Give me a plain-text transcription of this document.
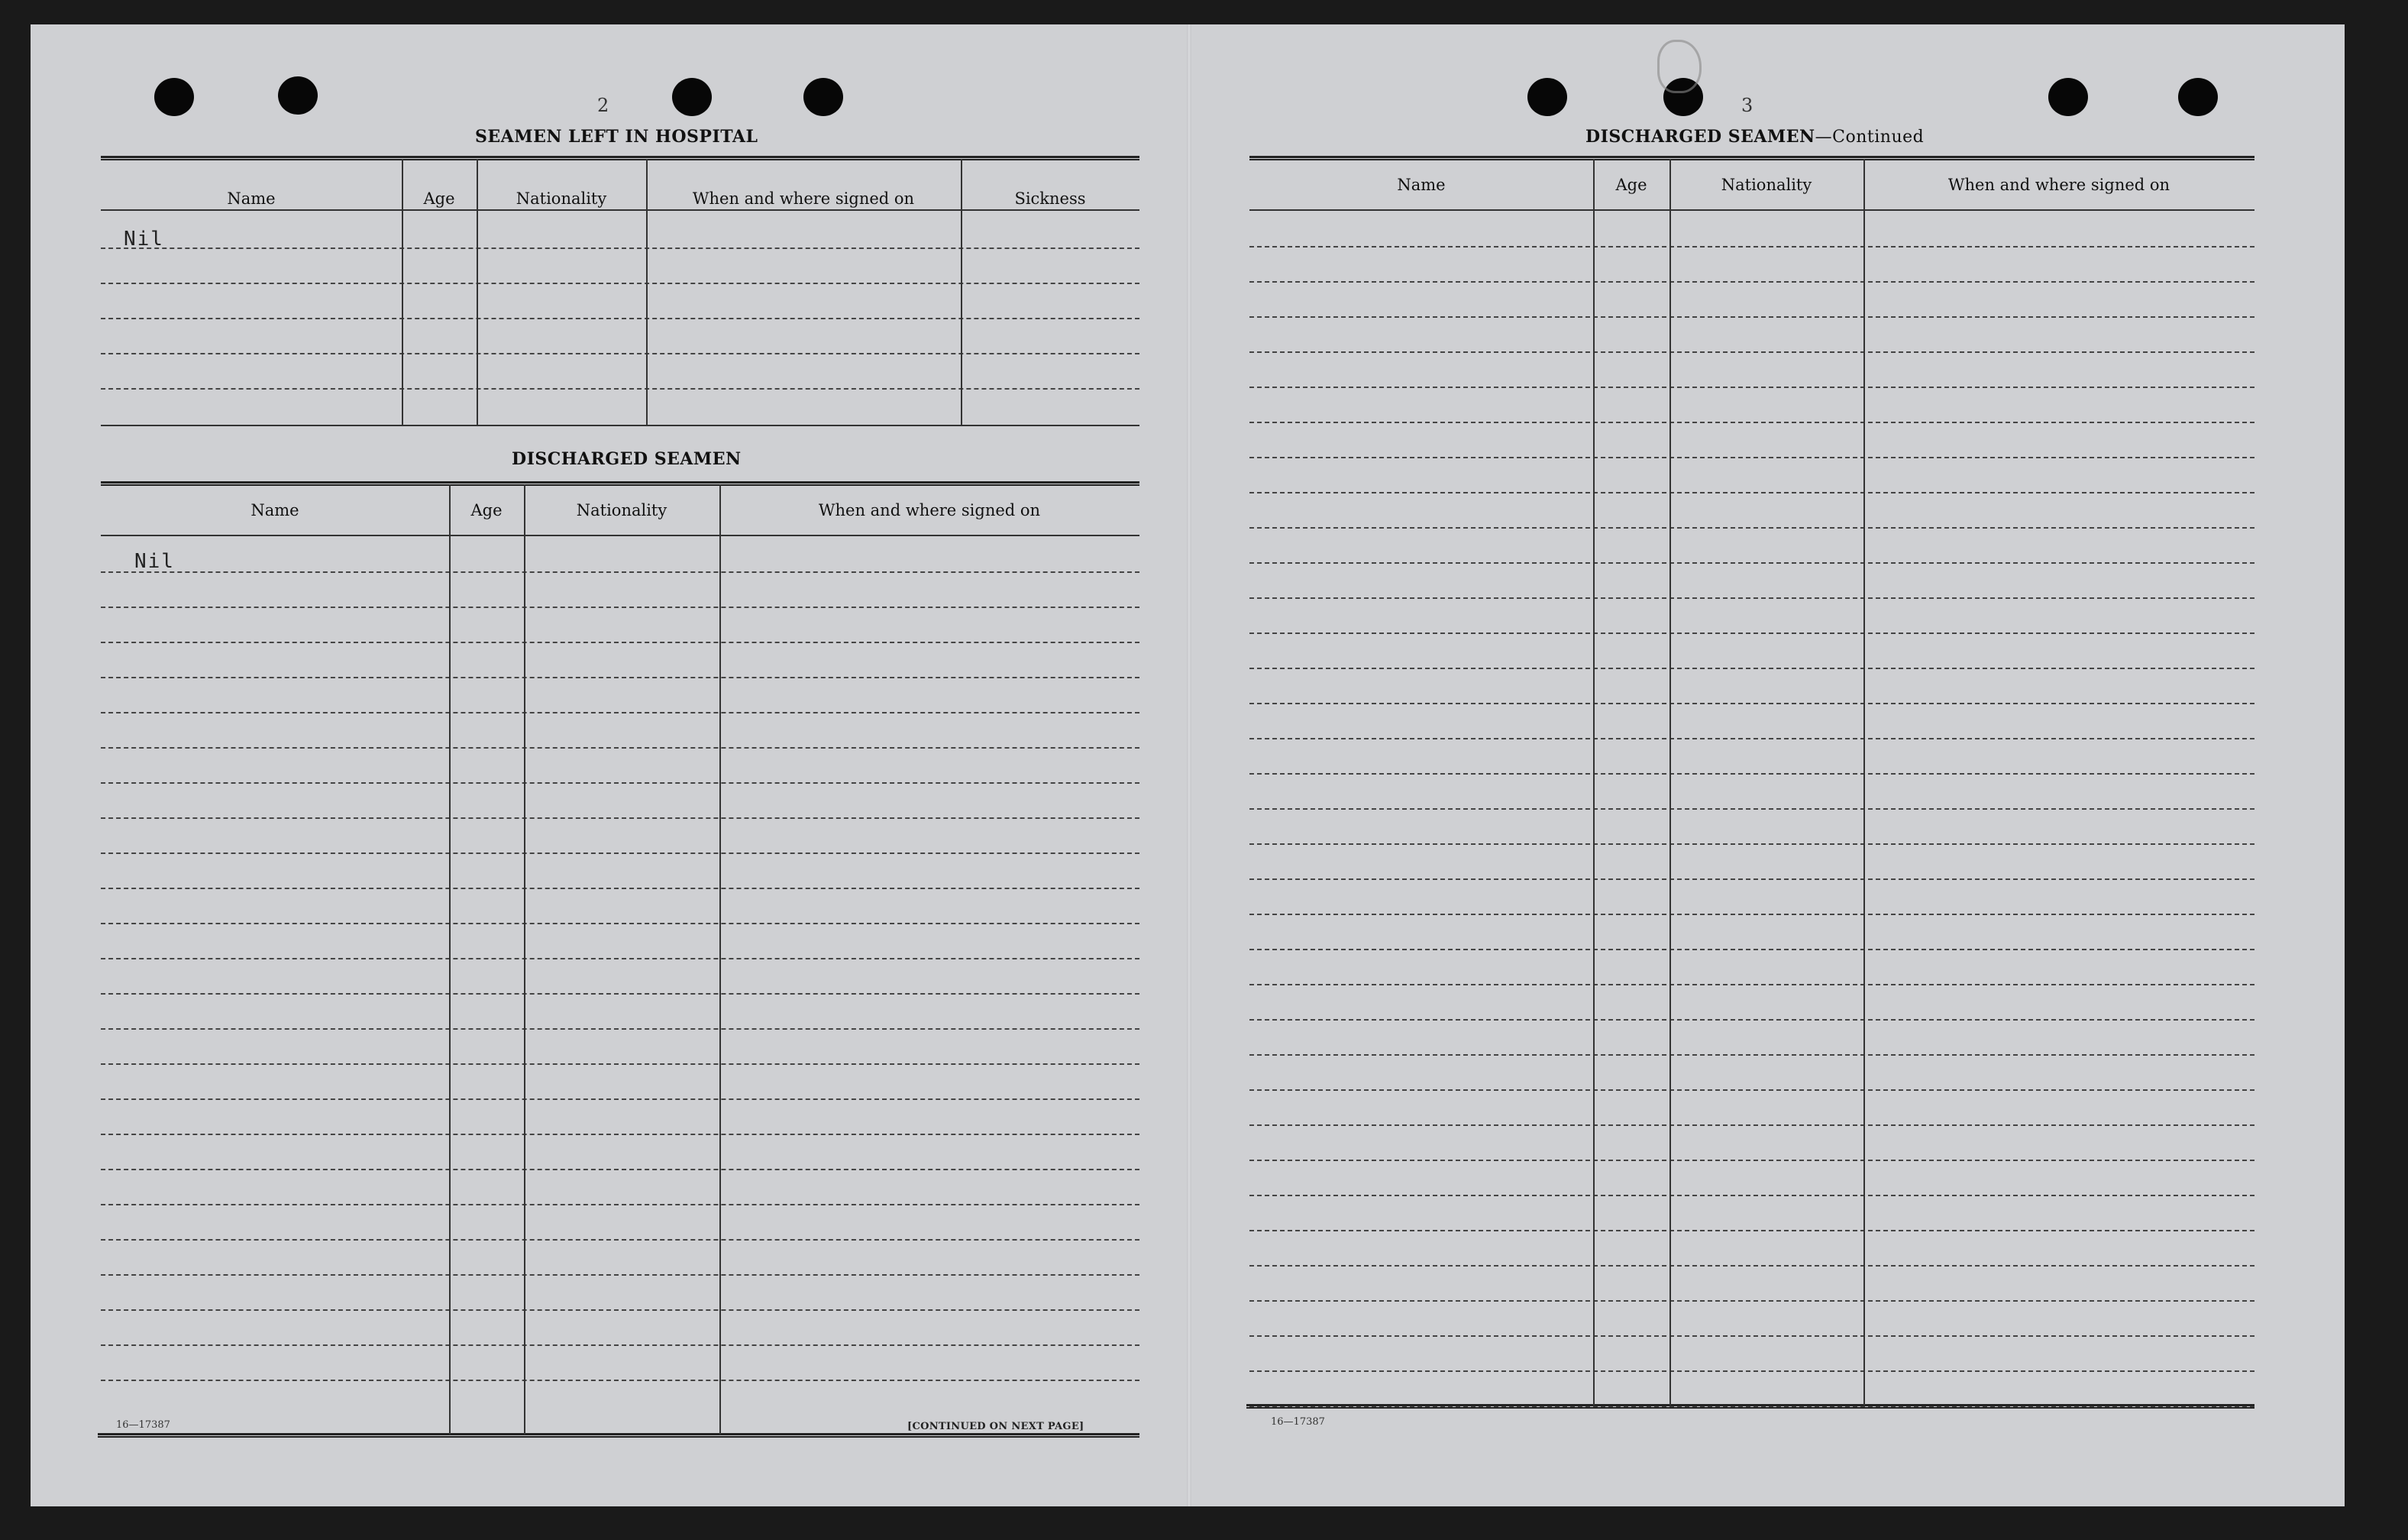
2
SEAMEN LEFT IN HOSPITAL
Name	Age	Nationality	When and where signed on	Sickness
Nil
DISCHARGED SEAMEN
Name	Age	Nationality	When and where signed on
Nil
16—17387	[CONTINUED ON NEXT PAGE]
3
DISCHARGED SEAMEN—Continued
Name	Age	Nationality	When and where signed on
16—17387
